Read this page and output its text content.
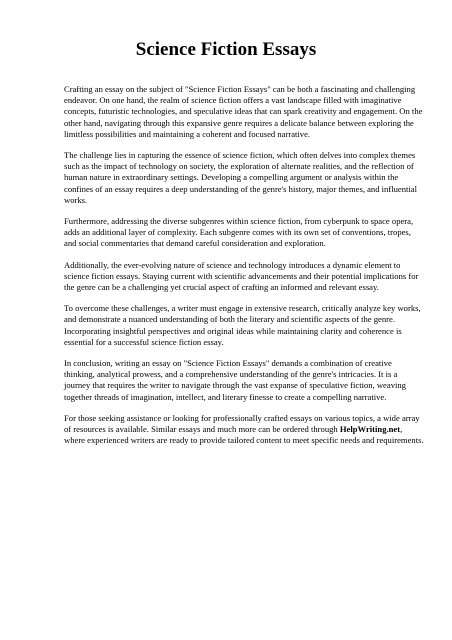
Science Fiction Essays

Crafting an essay on the subject of "Science Fiction Essays" can be both a fascinating and challenging endeavor. On one hand, the realm of science fiction offers a vast landscape filled with imaginative concepts, futuristic technologies, and speculative ideas that can spark creativity and engagement. On the other hand, navigating through this expansive genre requires a delicate balance between exploring the limitless possibilities and maintaining a coherent and focused narrative.

The challenge lies in capturing the essence of science fiction, which often delves into complex themes such as the impact of technology on society, the exploration of alternate realities, and the reflection of human nature in extraordinary settings. Developing a compelling argument or analysis within the confines of an essay requires a deep understanding of the genre's history, major themes, and influential works.

Furthermore, addressing the diverse subgenres within science fiction, from cyberpunk to space opera, adds an additional layer of complexity. Each subgenre comes with its own set of conventions, tropes, and social commentaries that demand careful consideration and exploration.

Additionally, the ever-evolving nature of science and technology introduces a dynamic element to science fiction essays. Staying current with scientific advancements and their potential implications for the genre can be a challenging yet crucial aspect of crafting an informed and relevant essay.

To overcome these challenges, a writer must engage in extensive research, critically analyze key works, and demonstrate a nuanced understanding of both the literary and scientific aspects of the genre. Incorporating insightful perspectives and original ideas while maintaining clarity and coherence is essential for a successful science fiction essay.

In conclusion, writing an essay on "Science Fiction Essays" demands a combination of creative thinking, analytical prowess, and a comprehensive understanding of the genre's intricacies. It is a journey that requires the writer to navigate through the vast expanse of speculative fiction, weaving together threads of imagination, intellect, and literary finesse to create a compelling narrative.

For those seeking assistance or looking for professionally crafted essays on various topics, a wide array of resources is available. Similar essays and much more can be ordered through HelpWriting.net, where experienced writers are ready to provide tailored content to meet specific needs and requirements.
